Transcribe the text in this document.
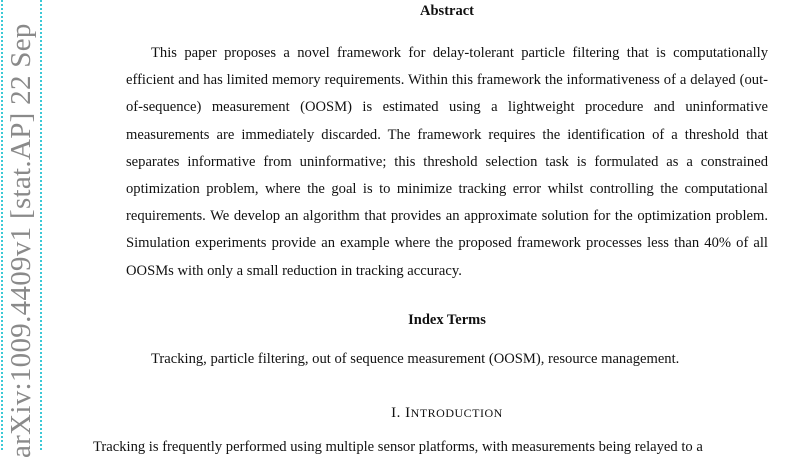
arXiv:1009.4409v1 [stat.AP] 22 Sep
Abstract

This paper proposes a novel framework for delay-tolerant particle filtering that is computationally efficient and has limited memory requirements. Within this framework the informativeness of a delayed (out-of-sequence) measurement (OOSM) is estimated using a lightweight procedure and uninformative measurements are immediately discarded. The framework requires the identification of a threshold that separates informative from uninformative; this threshold selection task is formulated as a constrained optimization problem, where the goal is to minimize tracking error whilst controlling the computational requirements. We develop an algorithm that provides an approximate solution for the optimization problem. Simulation experiments provide an example where the proposed framework processes less than 40% of all OOSMs with only a small reduction in tracking accuracy.

Index Terms

Tracking, particle filtering, out of sequence measurement (OOSM), resource management.

I. INTRODUCTION

Tracking is frequently performed using multiple sensor platforms, with measurements being relayed to a
